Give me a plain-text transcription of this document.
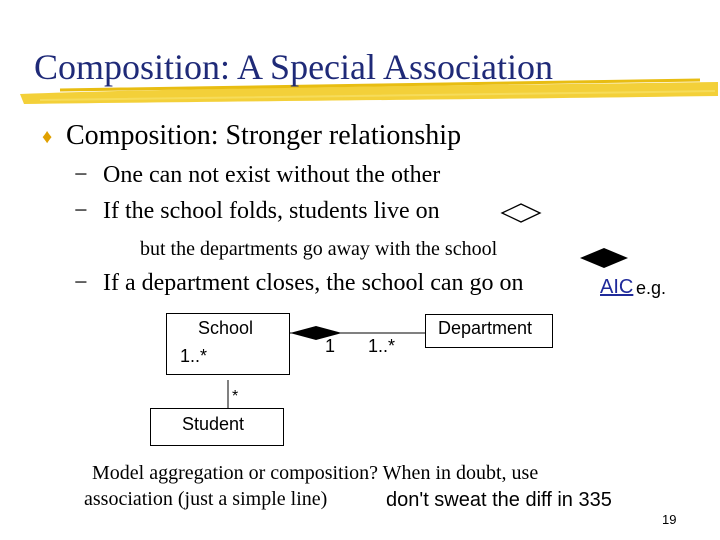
Composition: A Special Association
♦ Composition: Stronger relationship
− One can not exist without the other
− If the school folds, students live on
but the departments go away with the school
− If a department closes, the school can go on	AIC e.g.
School	Department
Student
1..*
*
1 1..*
Model aggregation or composition? When in doubt, use
association (just a simple line)	don't sweat the diff in 335
19
